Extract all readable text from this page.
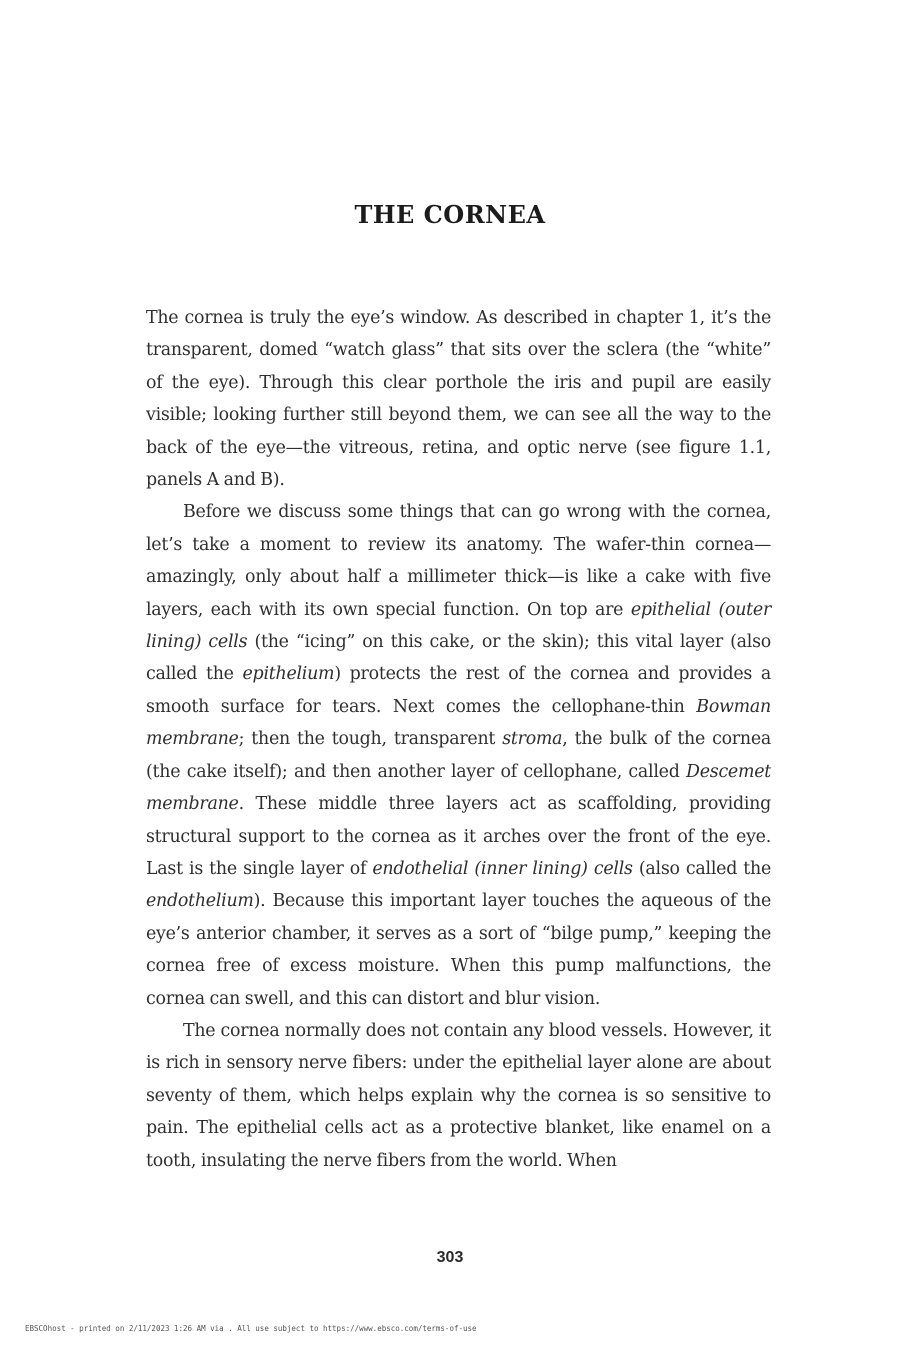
THE CORNEA

The cornea is truly the eye’s window. As described in chapter 1, it’s the transparent, domed “watch glass” that sits over the sclera (the “white” of the eye). Through this clear porthole the iris and pupil are easily visible; looking further still beyond them, we can see all the way to the back of the eye—the vitreous, retina, and optic nerve (see figure 1.1, panels A and B).

Before we discuss some things that can go wrong with the cornea, let’s take a moment to review its anatomy. The wafer-thin cornea—amazingly, only about half a millimeter thick—is like a cake with five layers, each with its own special function. On top are epithelial (outer lining) cells (the “icing” on this cake, or the skin); this vital layer (also called the epithelium) protects the rest of the cornea and provides a smooth surface for tears. Next comes the cellophane-thin Bowman membrane; then the tough, transparent stroma, the bulk of the cornea (the cake itself); and then another layer of cellophane, called Descemet membrane. These middle three layers act as scaffolding, providing structural support to the cornea as it arches over the front of the eye. Last is the single layer of endothelial (inner lining) cells (also called the endothelium). Because this important layer touches the aqueous of the eye’s anterior chamber, it serves as a sort of “bilge pump,” keeping the cornea free of excess moisture. When this pump malfunctions, the cornea can swell, and this can distort and blur vision.

The cornea normally does not contain any blood vessels. However, it is rich in sensory nerve fibers: under the epithelial layer alone are about seventy of them, which helps explain why the cornea is so sensitive to pain. The epithelial cells act as a protective blanket, like enamel on a tooth, insulating the nerve fibers from the world. When

303
EBSCOhost - printed on 2/11/2023 1:26 AM via . All use subject to https://www.ebsco.com/terms-of-use
